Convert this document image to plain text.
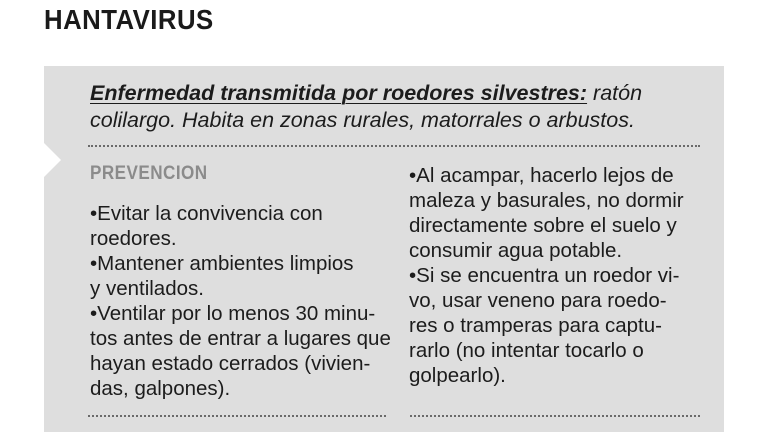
HANTAVIRUS

Enfermedad transmitida por roedores silvestres: ratón
colilargo. Habita en zonas rurales, matorrales o arbustos.

PREVENCION

•Evitar la convivencia con

roedores.

•Mantener ambientes limpios

y ventilados.

•Ventilar por lo menos 30 minu-

tos antes de entrar a lugares que

hayan estado cerrados (vivien-

das, galpones).

•Al acampar, hacerlo lejos de

maleza y basurales, no dormir

directamente sobre el suelo y

consumir agua potable.

•Si se encuentra un roedor vi-

vo, usar veneno para roedo-

res o tramperas para captu-

rarlo (no intentar tocarlo o

golpearlo).
